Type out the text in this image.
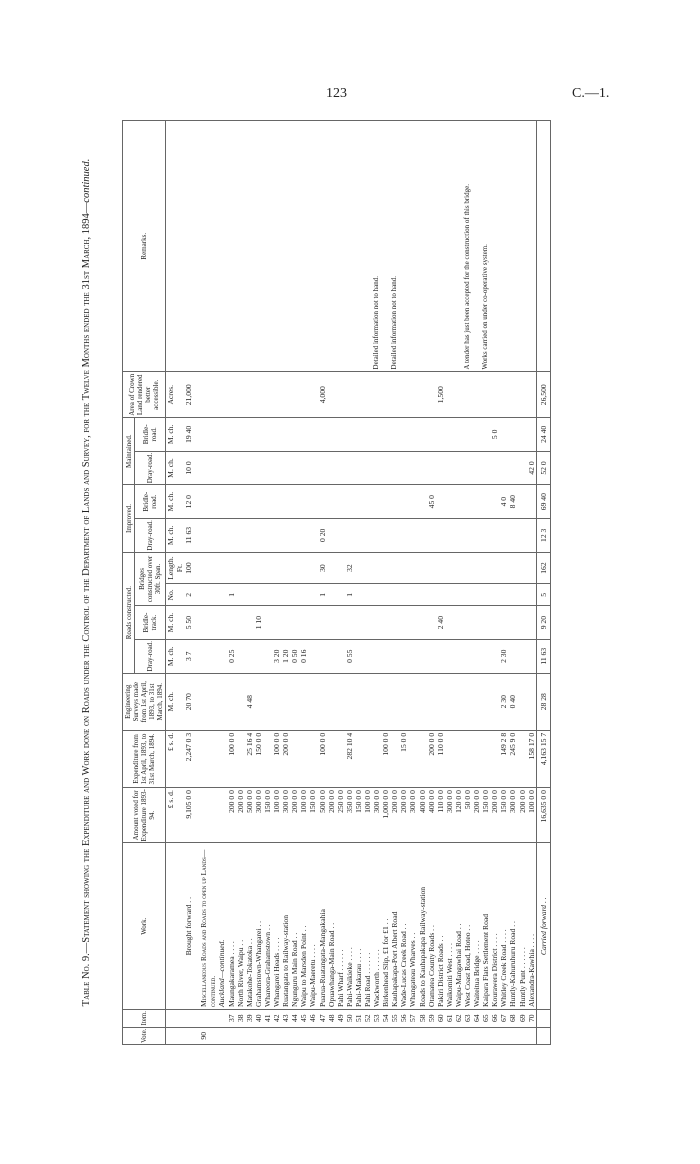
123	C.—1.
Table No. 9.—Statement showing the Expenditure and Work done on Roads under the Control of the Department of Lands and Survey, for the Twelve Months ended the 31st March, 1894—continued.
Vote.	Item.	Work.	Amount voted for Expenditure 1893-94.	Expenditure from 1st April, 1893, to 31st March, 1894.	Engineering Surveys made from 1st April, 1893, to 31st March, 1894.	Roads constructed.				Improved.		Maintained.		Area of Crown Land rendered better accessible.	Remarks.
						Dray-road.	Bridle-track.	Bridges constructed over 30ft. Span.		Dray-road.	Bridle-road.	Dray-road.	Bridle-road.		
			£ s. d.	£ s. d.	M. ch.	M. ch.	M. ch.	No.	Length. Ft.	M. ch.	M. ch.	M. ch.	M. ch.	Acres.	
		Brought forward . .	9,105 0 0	2,247 0 3	20 70	3 7	5 50	2	100	11 63	12 0	10 0	19 40	21,000	

90		Miscellaneous Roads and Roads to open up Lands—continued.													
		Auckland—continued.													
	37	Maungakaramea . . . .	200 0 0	100 0 0		0 25		1							
	38	North River, Waipu . .	200 0 0												
	39	Matakohe-Tokatoka . .	500 0 0	25 16 4	4 48										
	40	Grahamstown-Whangarei . .	300 0 0	150 0 0			1 10								
	41	Whareora-Grahamstown . .	150 0 0												
	42	Whangarei Heads . . . .	100 0 0	100 0 0		3 20									
	43	Ruatangata to Railway-station	300 0 0	200 0 0		1 20									
	44	Ngunguru Main Road . .	200 0 0			0 50									
	45	Waipu to Marsden Point . .	100 0 0			0 16									
	46	Waipu-Maeretu . . . .	150 0 0												
	47	Puarua-Ruatangata-Mangakahia	500 0 0	100 0 0				1	30	0 20				4,000	
	48	Opuawhanga-Main Road . .	200 0 0												
	49	Pahi Wharf . . . . . .	250 0 0												
	50	Pahi-Waikieke . . . .	350 0 0	282 10 4		0 55		1	32						
	51	Pahi-Makarau . . . .	150 0 0												
	52	Pahi Road . . . . . .	100 0 0												
	53	Wackworth . . . . . .	300 0 0												Detailed information not to hand.
	54	Birkenhead Slip, £1 for £1 . .	1,000 0 0	100 0 0											
	55	Kauhapakapa-Port Albert Road	200 0 0												Detailed information not to hand.
	56	Wade-Lucas Creek Road . .	200 0 0	15 0 0											
	57	Whangateau Wharves . .	300 0 0												
	58	Roads to Kauhapakapa Railway-station	400 0 0												
	59	Otamatea County Roads . .	400 0 0	200 0 0							45 0				
	60	Pakiri District Roads . .	110 0 0	110 0 0			2 40							1,500	
	61	Waikomiti West . . . .	300 0 0												
	62	Waipu-Mangawhai Road . .	120 0 0												
	63	West Coast Road, Hoteo . .	50 0 0												A tender has just been accepted for the construction of this bridge.
	64	Waiteitua Bridge . . . .	200 0 0												
	65	Kaipara Flats Settlement Road	150 0 0												Works carried on under co-operative system.
	66	Kourawera District . . . .	200 0 0										5 0		
	67	Whitley Creek Road . . . .	150 0 0	149 2 8	2 30	2 30					4 0				
	68	Huntly-Kahuruhuru Road . .	300 0 0	245 9 0	0 40						8 40				
	69	Huntly Punt . . . . . .	200 0 0												
	70	Alexandra-Kawhia . . . .	100 0 0	158 17 0								42 0			
		Carried forward . .	16,635 0 0	4,163 15 7	28 28	11 63	9 20	5	162	12 3	69 40	52 0	24 40	26,500	
